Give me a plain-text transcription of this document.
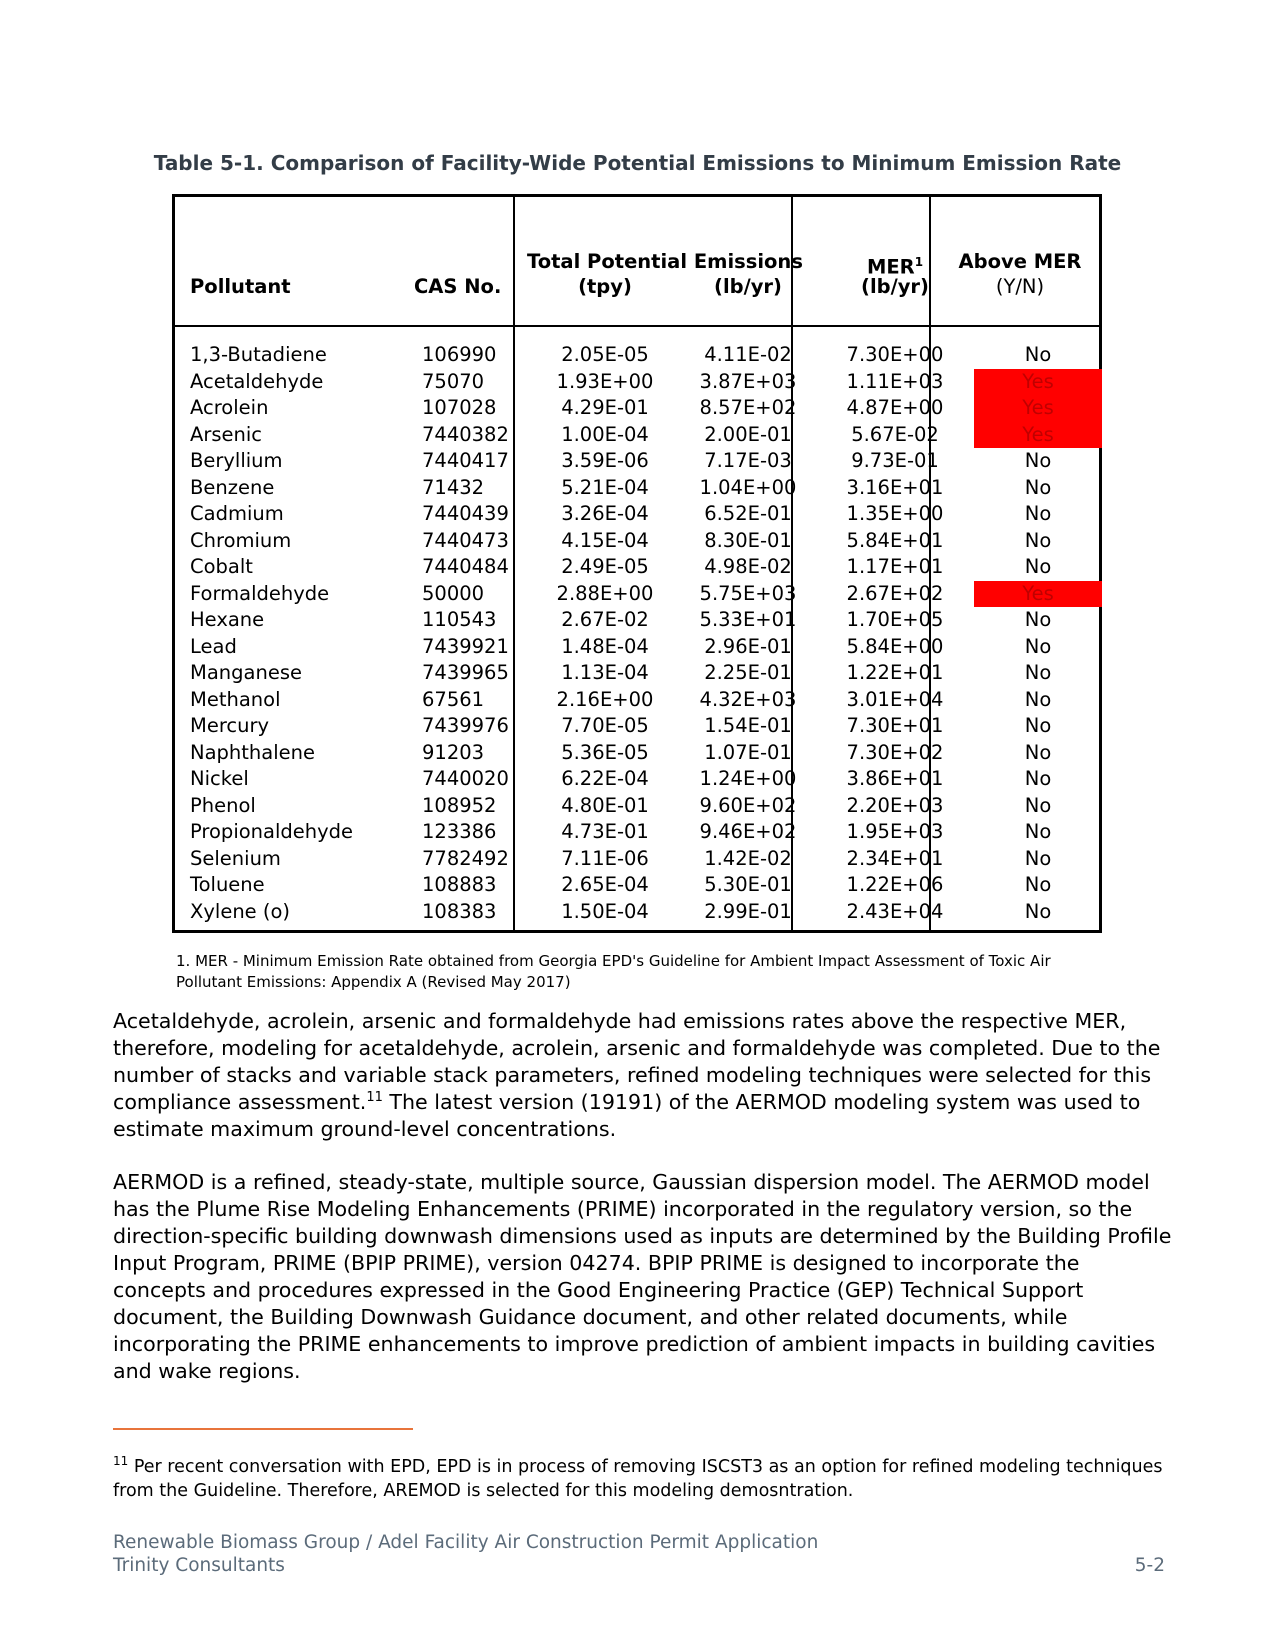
Table 5-1. Comparison of Facility-Wide Potential Emissions to Minimum Emission Rate
Pollutant	CAS No.
Total Potential Emissions
(tpy)	(lb/yr)
MER$^1$
(lb/yr)
Above MER
(Y/N)
1,3-Butadiene	106990	2.05E-05	4.11E-02	7.30E+00	No
Acetaldehyde	75070	1.93E+00	3.87E+03	1.11E+03	Yes
Acrolein	107028	4.29E-01	8.57E+02	4.87E+00	Yes
Arsenic	7440382	1.00E-04	2.00E-01	5.67E-02	Yes
Beryllium	7440417	3.59E-06	7.17E-03	9.73E-01	No
Benzene	71432	5.21E-04	1.04E+00	3.16E+01	No
Cadmium	7440439	3.26E-04	6.52E-01	1.35E+00	No
Chromium	7440473	4.15E-04	8.30E-01	5.84E+01	No
Cobalt	7440484	2.49E-05	4.98E-02	1.17E+01	No
Formaldehyde	50000	2.88E+00	5.75E+03	2.67E+02	Yes
Hexane	110543	2.67E-02	5.33E+01	1.70E+05	No
Lead	7439921	1.48E-04	2.96E-01	5.84E+00	No
Manganese	7439965	1.13E-04	2.25E-01	1.22E+01	No
Methanol	67561	2.16E+00	4.32E+03	3.01E+04	No
Mercury	7439976	7.70E-05	1.54E-01	7.30E+01	No
Naphthalene	91203	5.36E-05	1.07E-01	7.30E+02	No
Nickel	7440020	6.22E-04	1.24E+00	3.86E+01	No
Phenol	108952	4.80E-01	9.60E+02	2.20E+03	No
Propionaldehyde	123386	4.73E-01	9.46E+02	1.95E+03	No
Selenium	7782492	7.11E-06	1.42E-02	2.34E+01	No
Toluene	108883	2.65E-04	5.30E-01	1.22E+06	No
Xylene (o)	108383	1.50E-04	2.99E-01	2.43E+04	No
1. MER - Minimum Emission Rate obtained from Georgia EPD's Guideline for Ambient Impact Assessment of Toxic Air Pollutant Emissions: Appendix A (Revised May 2017)

Acetaldehyde, acrolein, arsenic and formaldehyde had emissions rates above the respective MER, therefore, modeling for acetaldehyde, acrolein, arsenic and formaldehyde was completed. Due to the number of stacks and variable stack parameters, refined modeling techniques were selected for this compliance assessment.$^{11}$ The latest version (19191) of the AERMOD modeling system was used to estimate maximum ground-level concentrations.

AERMOD is a refined, steady-state, multiple source, Gaussian dispersion model. The AERMOD model has the Plume Rise Modeling Enhancements (PRIME) incorporated in the regulatory version, so the direction-specific building downwash dimensions used as inputs are determined by the Building Profile Input Program, PRIME (BPIP PRIME), version 04274. BPIP PRIME is designed to incorporate the concepts and procedures expressed in the Good Engineering Practice (GEP) Technical Support document, the Building Downwash Guidance document, and other related documents, while incorporating the PRIME enhancements to improve prediction of ambient impacts in building cavities and wake regions.

$^{11}$ Per recent conversation with EPD, EPD is in process of removing ISCST3 as an option for refined modeling techniques from the Guideline. Therefore, AREMOD is selected for this modeling demosntration.
Renewable Biomass Group / Adel Facility Air Construction Permit Application
Trinity Consultants	5-2
